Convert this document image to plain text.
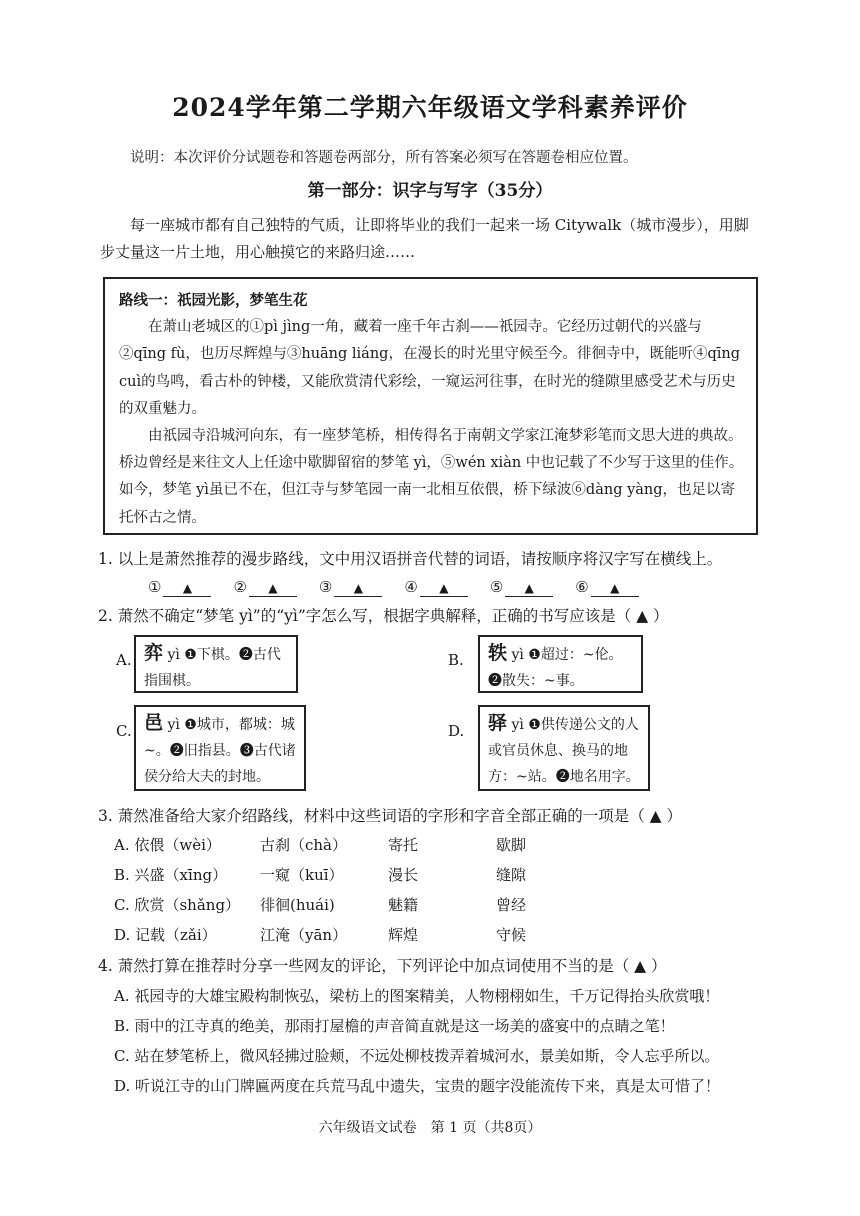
2024学年第二学期六年级语文学科素养评价
说明：本次评价分试题卷和答题卷两部分，所有答案必须写在答题卷相应位置。
第一部分：识字与写字（35分）
每一座城市都有自己独特的气质，让即将毕业的我们一起来一场 Citywalk（城市漫步），用脚步丈量这一片土地，用心触摸它的来路归途……
路线一：祇园光影，梦笔生花

在萧山老城区的①pì jìng一角，藏着一座千年古刹——祇园寺。它经历过朝代的兴盛与②qīng fù，也历尽辉煌与③huāng liáng，在漫长的时光里守候至今。徘徊寺中，既能听④qīng cuì的鸟鸣，看古朴的钟楼，又能欣赏清代彩绘，一窥运河往事，在时光的缝隙里感受艺术与历史的双重魅力。

由祇园寺沿城河向东，有一座梦笔桥，相传得名于南朝文学家江淹梦彩笔而文思大进的典故。桥边曾经是来往文人上任途中歇脚留宿的梦笔 yì，⑤wén xiàn 中也记载了不少写于这里的佳作。如今，梦笔 yì虽已不在，但江寺与梦笔园一南一北相互依偎，桥下绿波⑥dàng yàng，也足以寄托怀古之情。

1. 以上是萧然推荐的漫步路线，文中用汉语拼音代替的词语，请按顺序将汉字写在横线上。
①	▲	②	▲	③	▲	④	▲	⑤	▲	⑥	▲
2. 萧然不确定“梦笔 yì”的“yì”字怎么写，根据字典解释，正确的书写应该是（ ▲ ）
A. 弈 yì ❶下棋。❷古代指围棋。
B.	轶 yì ❶超过：~伦。❷散失：~事。
C. 邑 yì ❶城市，都城：城~。❷旧指县。❸古代诸侯分给大夫的封地。
D.	驿 yì ❶供传递公文的人或官员休息、换马的地方：~站。❷地名用字。
3. 萧然准备给大家介绍路线，材料中这些词语的字形和字音全部正确的一项是（ ▲ ）
A. 依偎（wèi）	古刹（chà）	寄托	歇脚
B. 兴盛（xīng）	一窥（kuī）	漫长	缝隙
C. 欣赏（shǎng）	徘徊(huái)	魅籍	曾经
D. 记载（zǎi）	江淹（yān）	辉煌	守候
4. 萧然打算在推荐时分享一些网友的评论，下列评论中加点词使用不当的是（ ▲ ）
A. 祇园寺的大雄宝殿构制恢弘，梁枋上的图案精美，人物栩栩如生，千万记得抬头欣赏哦！
B. 雨中的江寺真的绝美，那雨打屋檐的声音简直就是这一场美的盛宴中的点睛之笔！
C. 站在梦笔桥上，微风轻拂过脸颊，不远处柳枝拨弄着城河水，景美如斯，令人忘乎所以。
D. 听说江寺的山门牌匾两度在兵荒马乱中遗失，宝贵的题字没能流传下来，真是太可惜了！
六年级语文试卷　第 1 页（共8页）
